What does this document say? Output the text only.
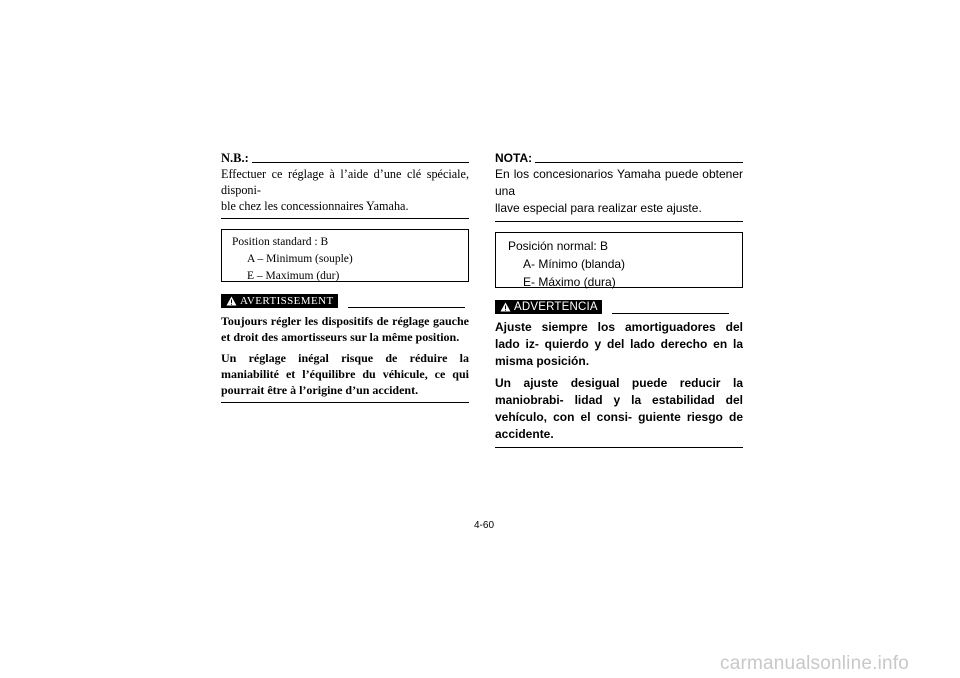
N.B.:
Effectuer ce réglage à l’aide d’une clé spéciale, disponi-
ble chez les concessionnaires Yamaha.
Position standard : B
A – Minimum (souple)
E – Maximum (dur)
AVERTISSEMENT

Toujours régler les dispositifs de réglage gauche et droit des amortisseurs sur la même position.

Un réglage inégal risque de réduire la maniabilité et l’équilibre du véhicule, ce qui pourrait être à l’origine d’un accident.

NOTA:
En los concesionarios Yamaha puede obtener una
llave especial para realizar este ajuste.
Posición normal: B
A- Mínimo (blanda)
E- Máximo (dura)
ADVERTENCIA

Ajuste siempre los amortiguadores del lado iz- quierdo y del lado derecho en la misma posición.

Un ajuste desigual puede reducir la maniobrabi- lidad y la estabilidad del vehículo, con el consi- guiente riesgo de accidente.

4-60
carmanualsonline.info
